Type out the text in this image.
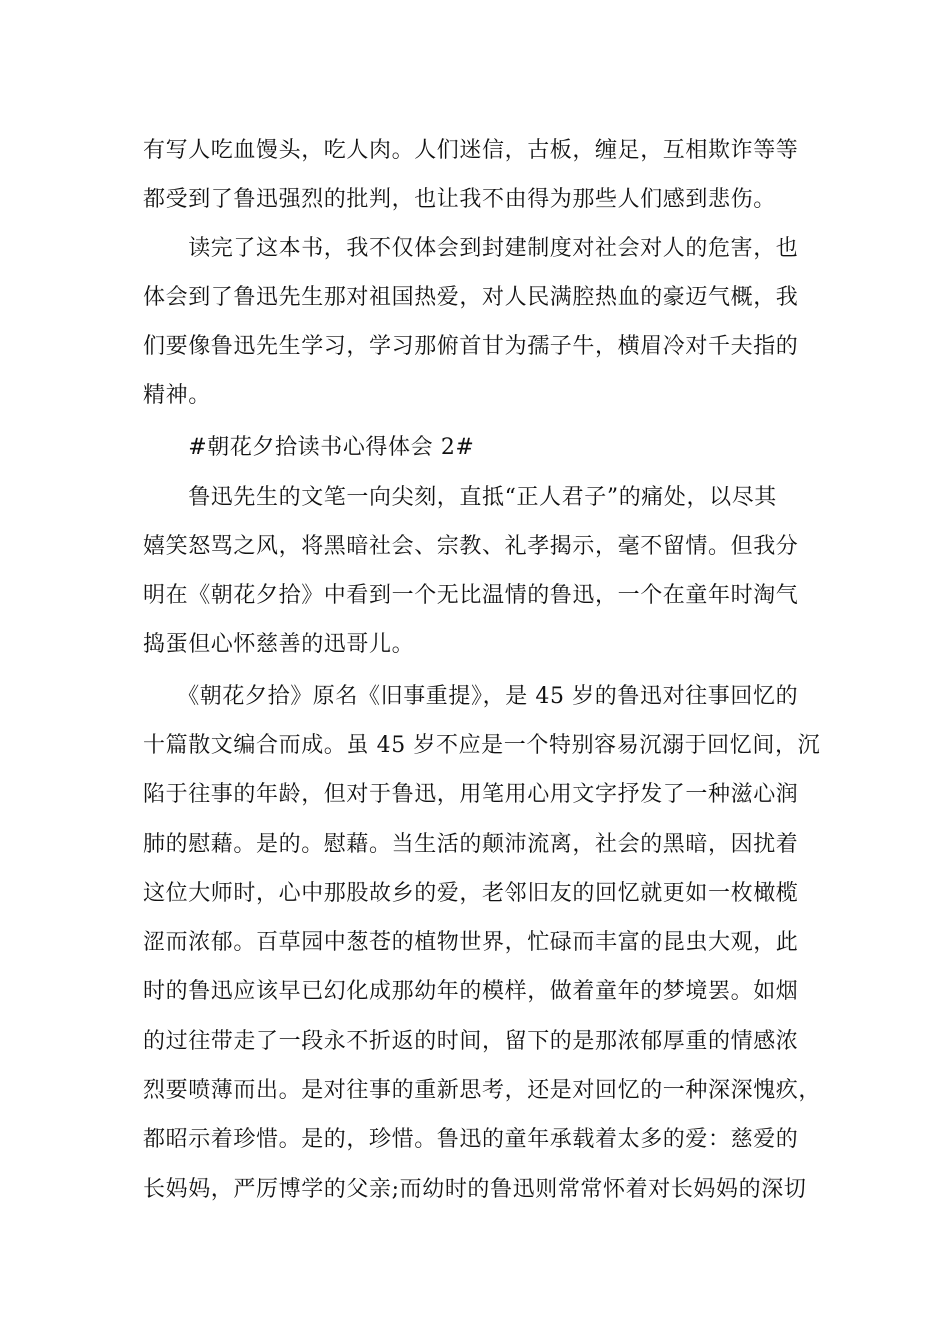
有写人吃血馒头，吃人肉。人们迷信，古板，缠足，互相欺诈等等
都受到了鲁迅强烈的批判，也让我不由得为那些人们感到悲伤。
　　读完了这本书，我不仅体会到封建制度对社会对人的危害，也
体会到了鲁迅先生那对祖国热爱，对人民满腔热血的豪迈气概，我
们要像鲁迅先生学习，学习那俯首甘为孺子牛，横眉冷对千夫指的
精神。
　　#朝花夕拾读书心得体会 2#
　　鲁迅先生的文笔一向尖刻，直抵“正人君子”的痛处，以尽其
嬉笑怒骂之风，将黑暗社会、宗教、礼孝揭示，毫不留情。但我分
明在《朝花夕拾》中看到一个无比温情的鲁迅，一个在童年时淘气
捣蛋但心怀慈善的迅哥儿。
　　《朝花夕拾》原名《旧事重提》，是 45 岁的鲁迅对往事回忆的
十篇散文编合而成。虽 45 岁不应是一个特别容易沉溺于回忆间，沉
陷于往事的年龄，但对于鲁迅，用笔用心用文字抒发了一种滋心润
肺的慰藉。是的。慰藉。当生活的颠沛流离，社会的黑暗，因扰着
这位大师时，心中那股故乡的爱，老邻旧友的回忆就更如一枚橄榄
涩而浓郁。百草园中葱苍的植物世界，忙碌而丰富的昆虫大观，此
时的鲁迅应该早已幻化成那幼年的模样，做着童年的梦境罢。如烟
的过往带走了一段永不折返的时间，留下的是那浓郁厚重的情感浓
烈要喷薄而出。是对往事的重新思考，还是对回忆的一种深深愧疚，
都昭示着珍惜。是的，珍惜。鲁迅的童年承载着太多的爱：慈爱的
长妈妈，严厉博学的父亲;而幼时的鲁迅则常常怀着对长妈妈的深切
